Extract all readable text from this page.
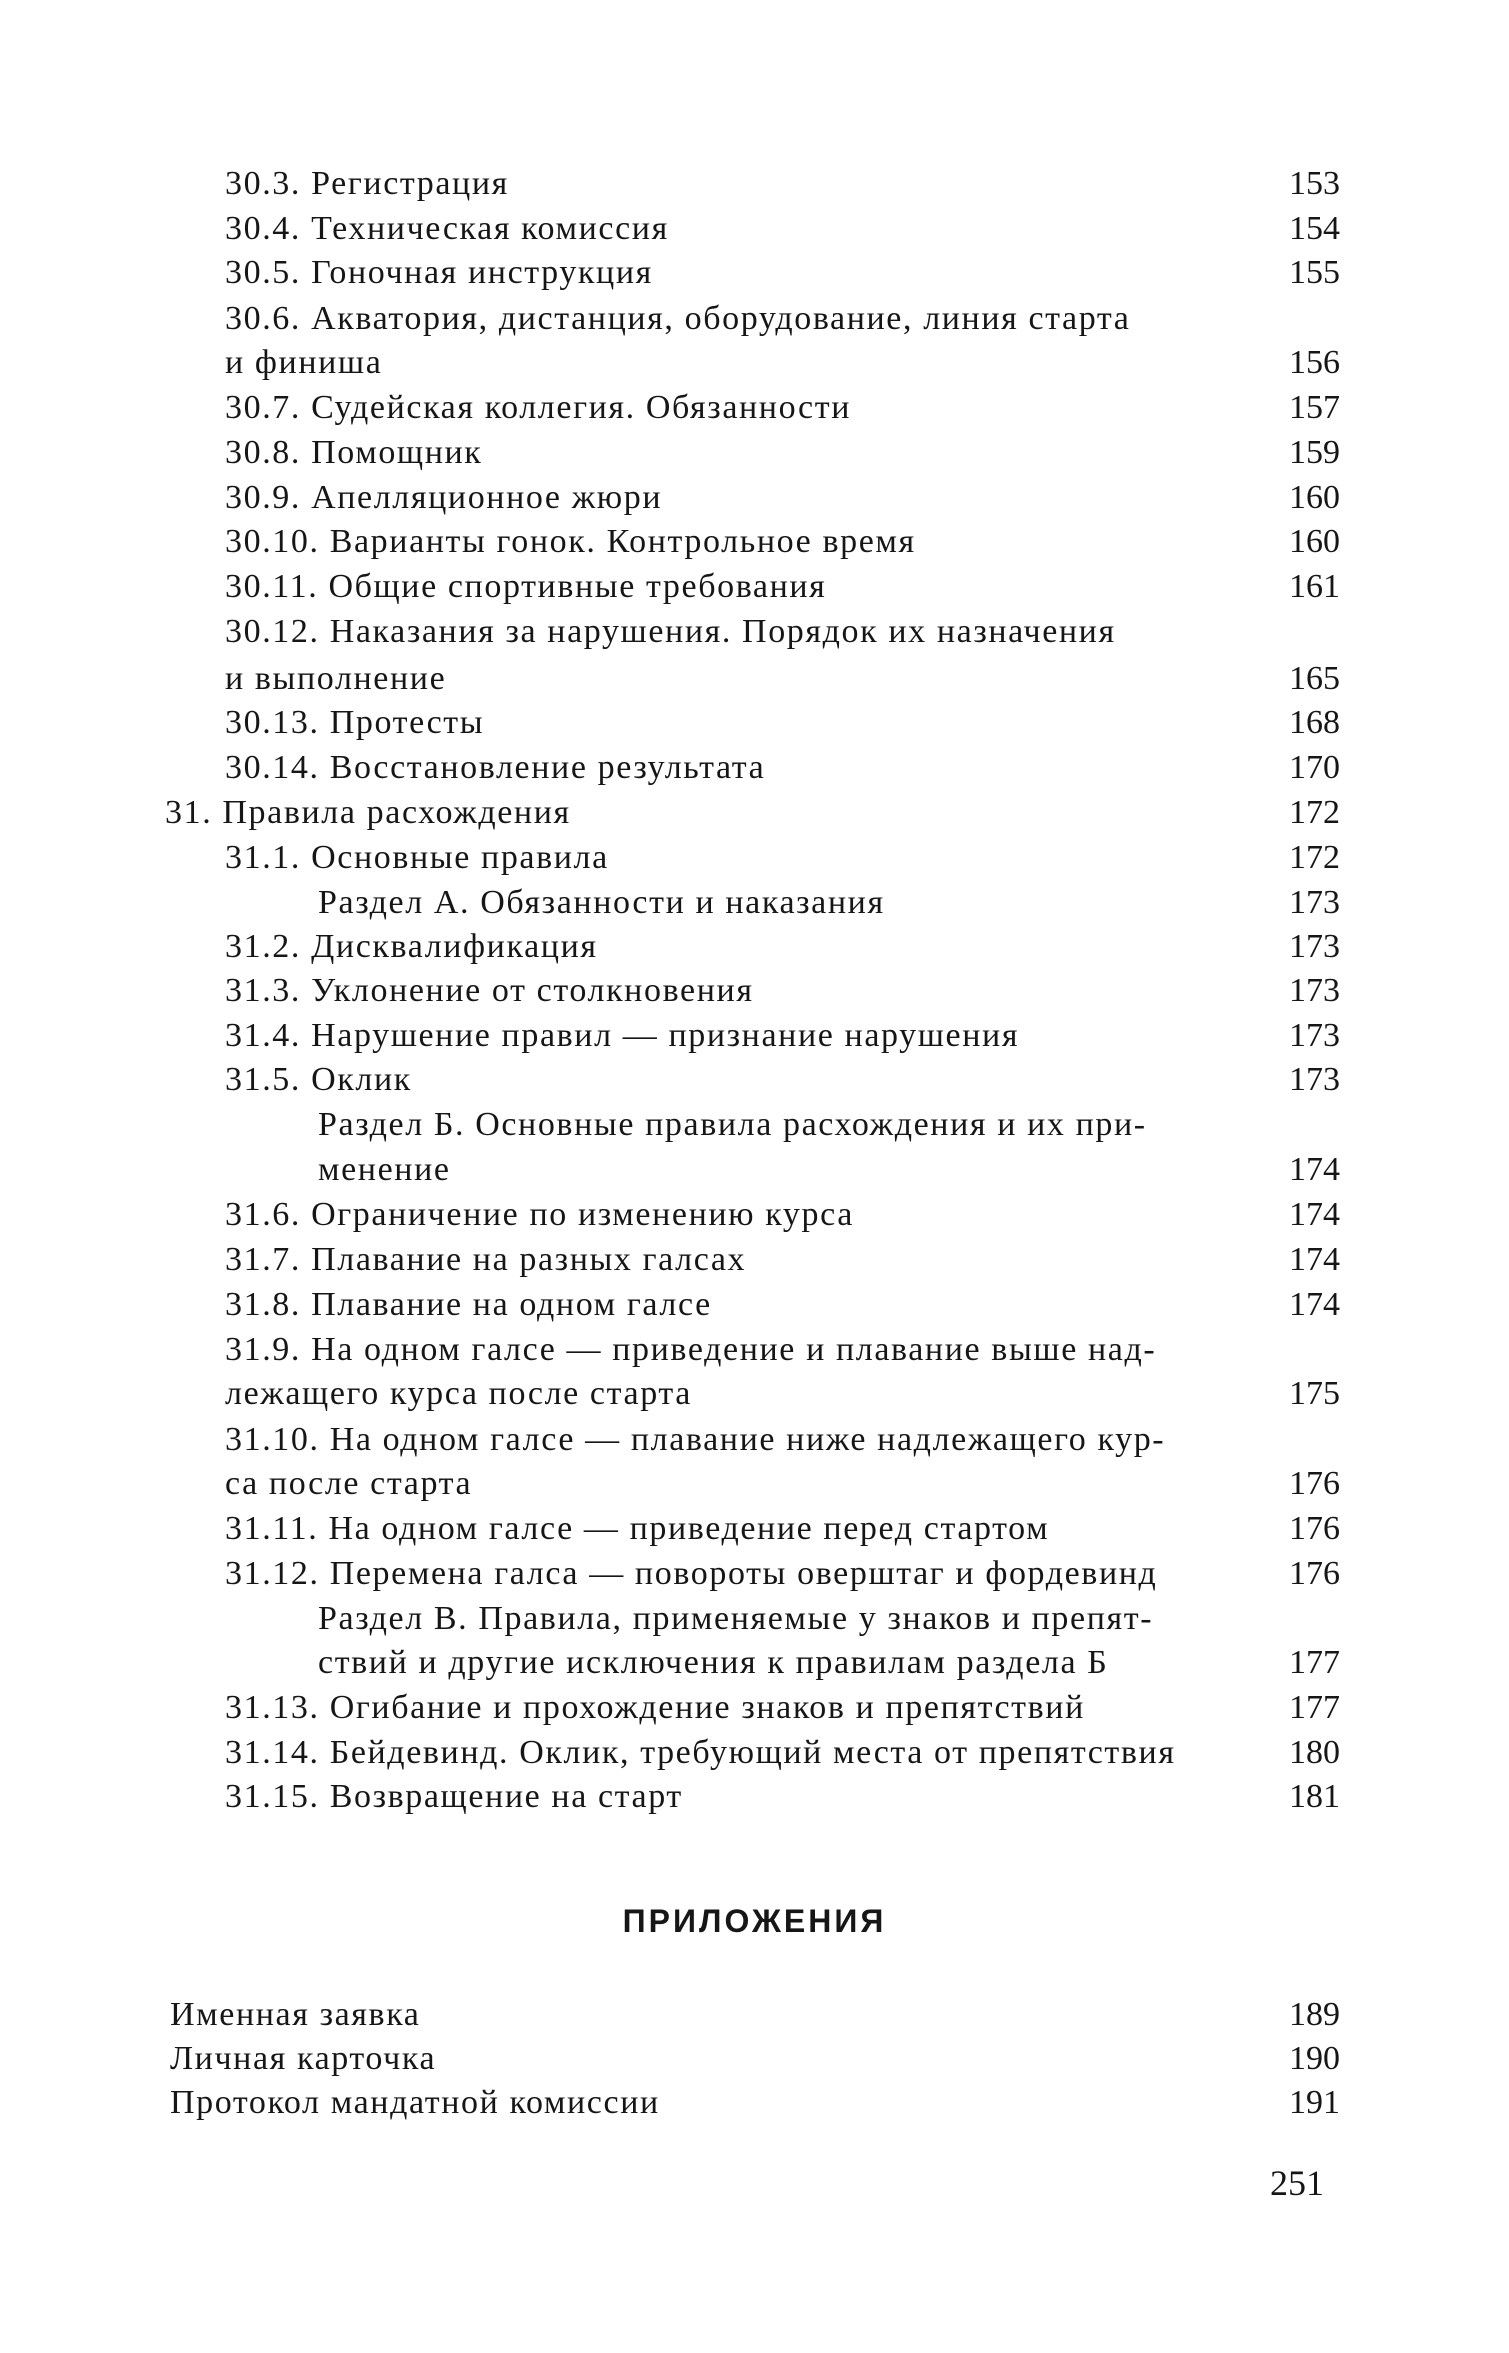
30.3. Регистрация	153
30.4. Техническая комиссия	154
30.5. Гоночная инструкция	155
30.6. Акватория, дистанция, оборудование, линия старта
и финиша	156
30.7. Судейская коллегия. Обязанности	157
30.8. Помощник	159
30.9. Апелляционное жюри	160
30.10. Варианты гонок. Контрольное время	160
30.11. Общие спортивные требования	161
30.12. Наказания за нарушения. Порядок их назначения
и выполнение	165
30.13. Протесты	168
30.14. Восстановление результата	170
31. Правила расхождения	172
31.1. Основные правила	172
Раздел А. Обязанности и наказания	173
31.2. Дисквалификация	173
31.3. Уклонение от столкновения	173
31.4. Нарушение правил — признание нарушения	173
31.5. Оклик	173
Раздел Б. Основные правила расхождения и их при-
менение	174
31.6. Ограничение по изменению курса	174
31.7. Плавание на разных галсах	174
31.8. Плавание на одном галсе	174
31.9. На одном галсе — приведение и плавание выше над-
лежащего курса после старта	175
31.10. На одном галсе — плавание ниже надлежащего кур-
са после старта	176
31.11. На одном галсе — приведение перед стартом	176
31.12. Перемена галса — повороты оверштаг и фордевинд	176
Раздел В. Правила, применяемые у знаков и препят-
ствий и другие исключения к правилам раздела Б	177
31.13. Огибание и прохождение знаков и препятствий	177
31.14. Бейдевинд. Оклик, требующий места от препятствия	180
31.15. Возвращение на старт	181
ПРИЛОЖЕНИЯ
Именная заявка	189
Личная карточка	190
Протокол мандатной комиссии	191
251
